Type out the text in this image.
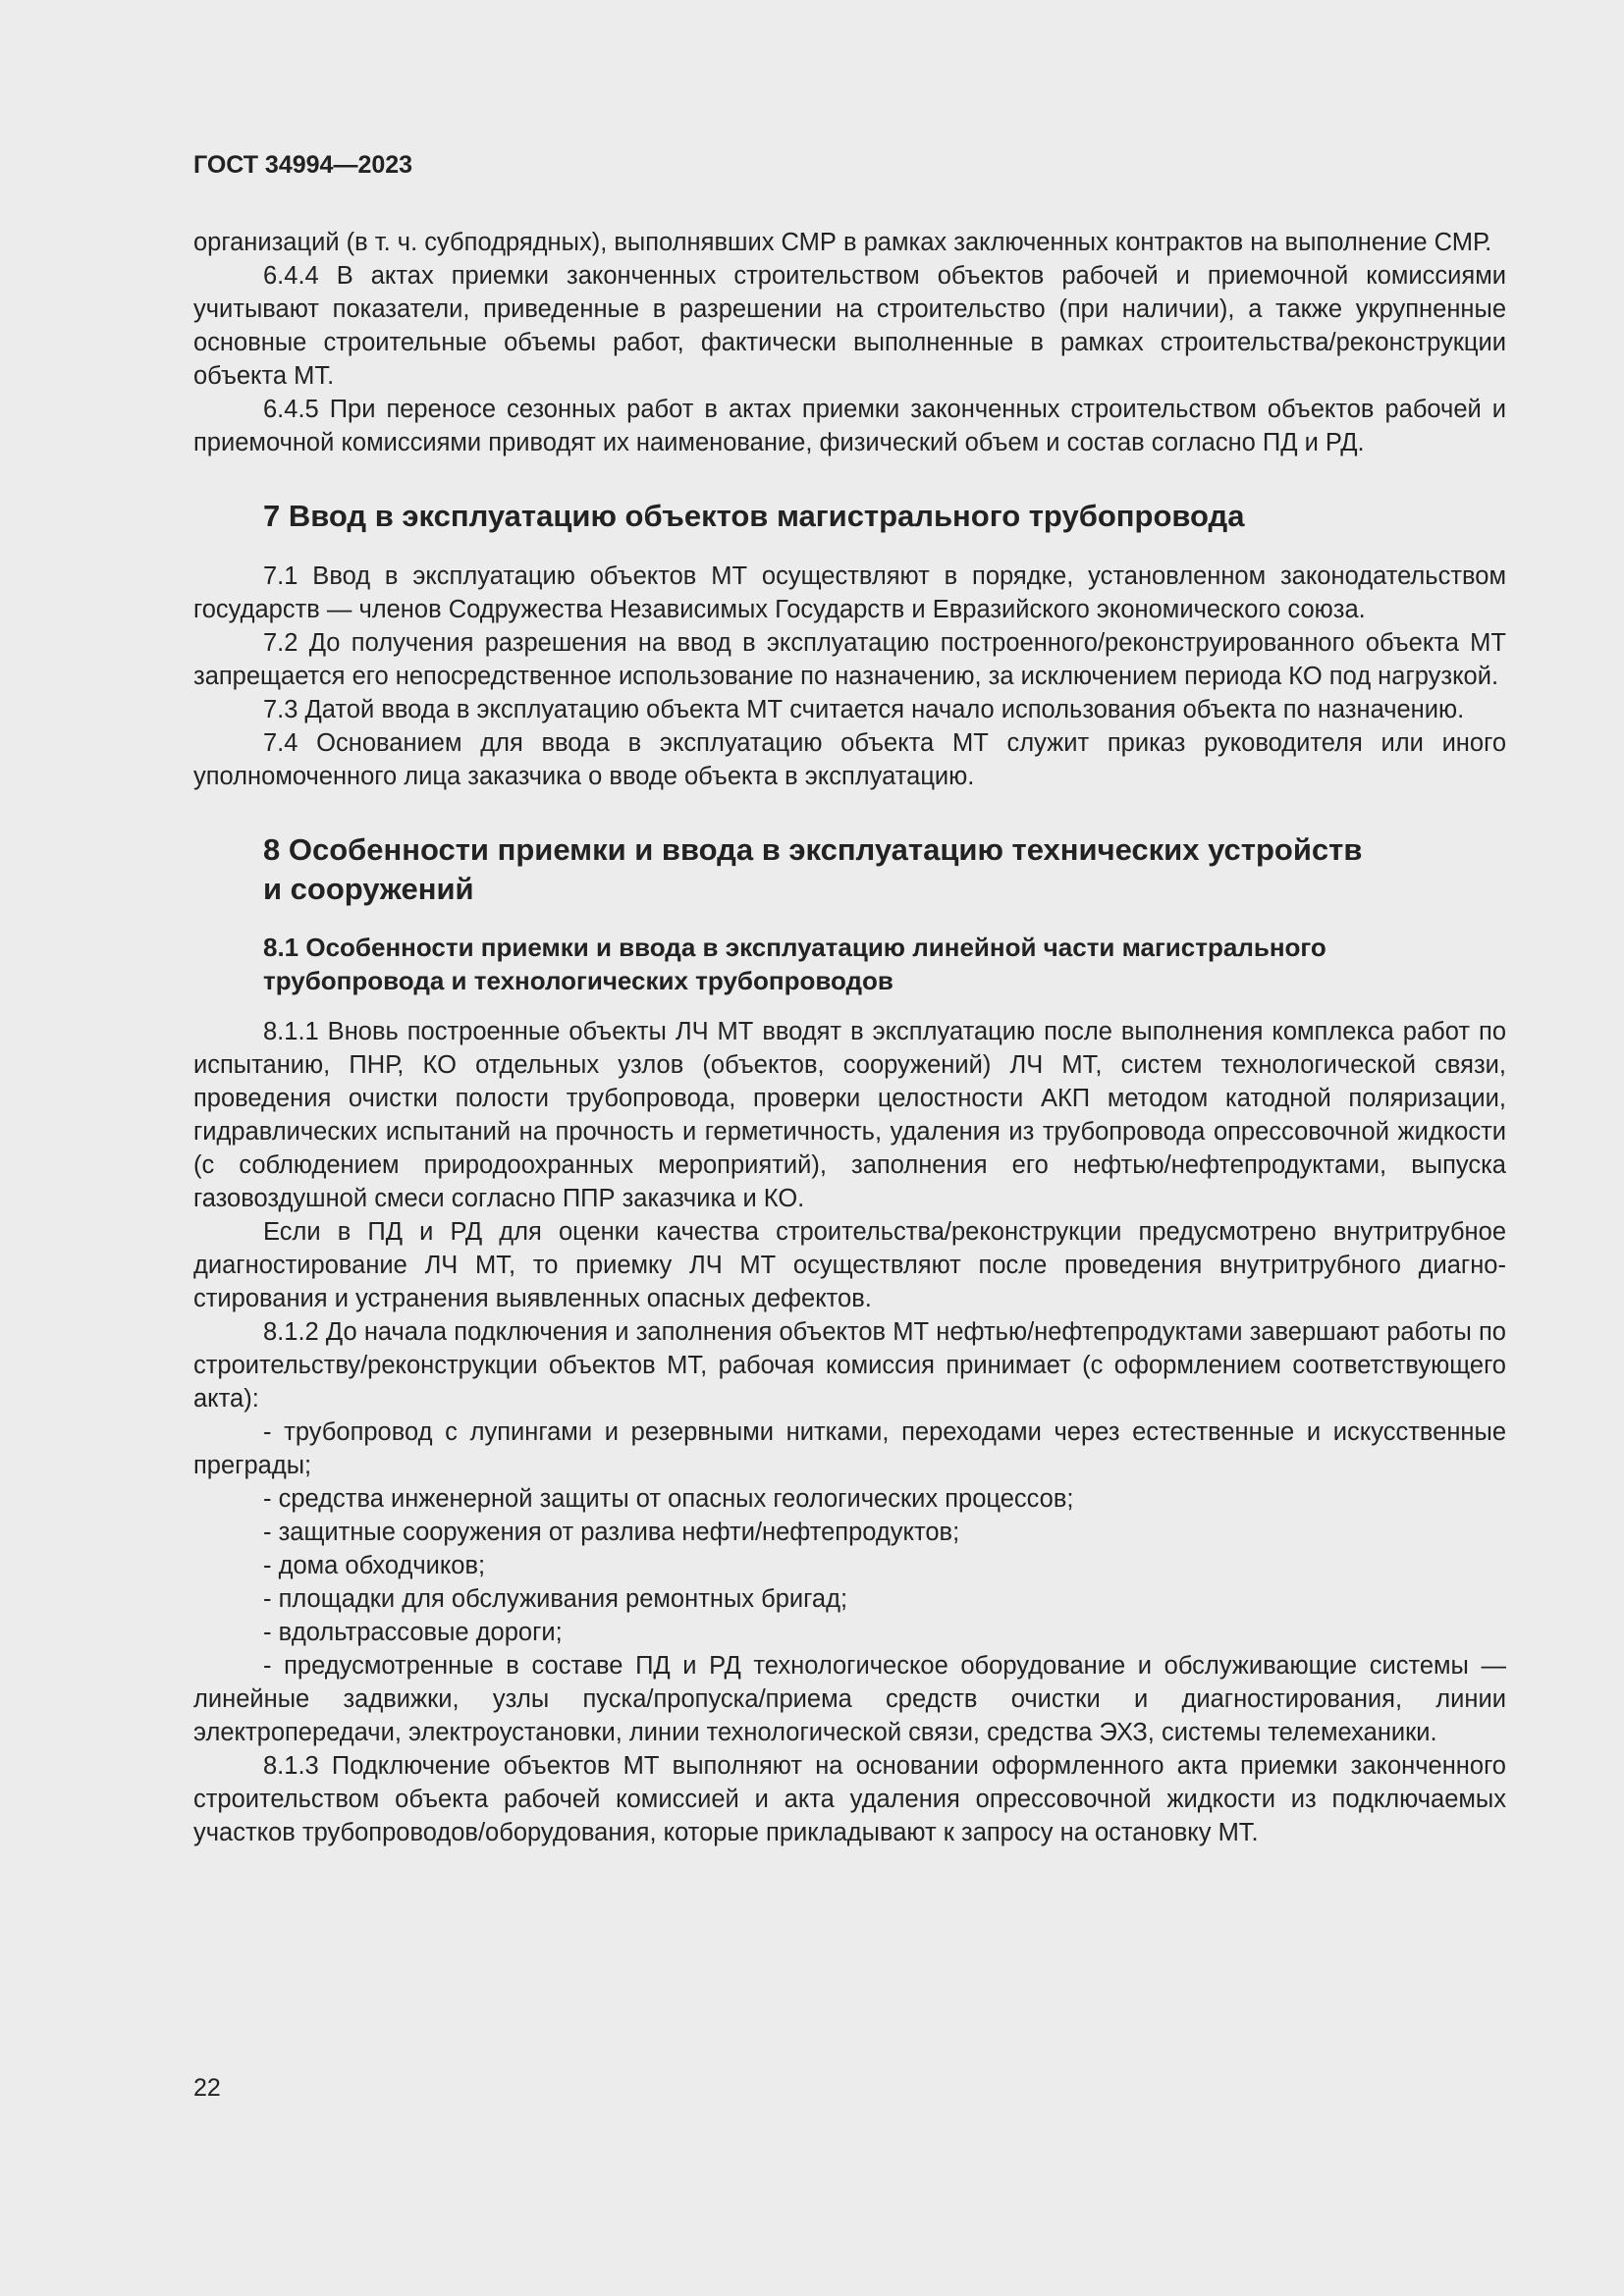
ГОСТ 34994—2023

организаций (в т. ч. субподрядных), выполнявших СМР в рамках заключенных контрактов на выполнение СМР.

6.4.4 В актах приемки законченных строительством объектов рабочей и приемочной комиссиями учитывают показатели, приведенные в разрешении на строительство (при наличии), а также укрупненные основные строительные объемы работ, фактически выполненные в рамках строительства/реконструкции объекта МТ.

6.4.5 При переносе сезонных работ в актах приемки законченных строительством объектов рабочей и приемочной комиссиями приводят их наименование, физический объем и состав согласно ПД и РД.

7 Ввод в эксплуатацию объектов магистрального трубопровода

7.1 Ввод в эксплуатацию объектов МТ осуществляют в порядке, установленном законодательством государств — членов Содружества Независимых Государств и Евразийского экономического союза.

7.2 До получения разрешения на ввод в эксплуатацию построенного/реконструированного объекта МТ запрещается его непосредственное использование по назначению, за исключением периода КО под нагрузкой.

7.3 Датой ввода в эксплуатацию объекта МТ считается начало использования объекта по назначению.

7.4 Основанием для ввода в эксплуатацию объекта МТ служит приказ руководителя или иного уполномоченного лица заказчика о вводе объекта в эксплуатацию.

8 Особенности приемки и ввода в эксплуатацию технических устройств
и сооружений
8.1 Особенности приемки и ввода в эксплуатацию линейной части магистрального
трубопровода и технологических трубопроводов

8.1.1 Вновь построенные объекты ЛЧ МТ вводят в эксплуатацию после выполнения комплекса работ по испытанию, ПНР, КО отдельных узлов (объектов, сооружений) ЛЧ МТ, систем технологической связи, проведения очистки полости трубопровода, проверки целостности АКП методом катодной поляризации, гидравлических испытаний на прочность и герметичность, удаления из трубопровода опрессовочной жидкости (с соблюдением природоохранных мероприятий), заполнения его нефтью/нефтепродуктами, выпуска газовоздушной смеси согласно ППР заказчика и КО.

Если в ПД и РД для оценки качества строительства/реконструкции предусмотрено внутритрубное диагностирование ЛЧ МТ, то приемку ЛЧ МТ осуществляют после проведения внутритрубного диагностирования и устранения выявленных опасных дефектов.

8.1.2 До начала подключения и заполнения объектов МТ нефтью/нефтепродуктами завершают работы по строительству/реконструкции объектов МТ, рабочая комиссия принимает (с оформлением соответствующего акта):

- трубопровод с лупингами и резервными нитками, переходами через естественные и искусственные преграды;

- средства инженерной защиты от опасных геологических процессов;

- защитные сооружения от разлива нефти/нефтепродуктов;

- дома обходчиков;

- площадки для обслуживания ремонтных бригад;

- вдольтрассовые дороги;

- предусмотренные в составе ПД и РД технологическое оборудование и обслуживающие системы — линейные задвижки, узлы пуска/пропуска/приема средств очистки и диагностирования, линии электропередачи, электроустановки, линии технологической связи, средства ЭХЗ, системы телемеханики.

8.1.3 Подключение объектов МТ выполняют на основании оформленного акта приемки законченного строительством объекта рабочей комиссией и акта удаления опрессовочной жидкости из подключаемых участков трубопроводов/оборудования, которые прикладывают к запросу на остановку МТ.

22
